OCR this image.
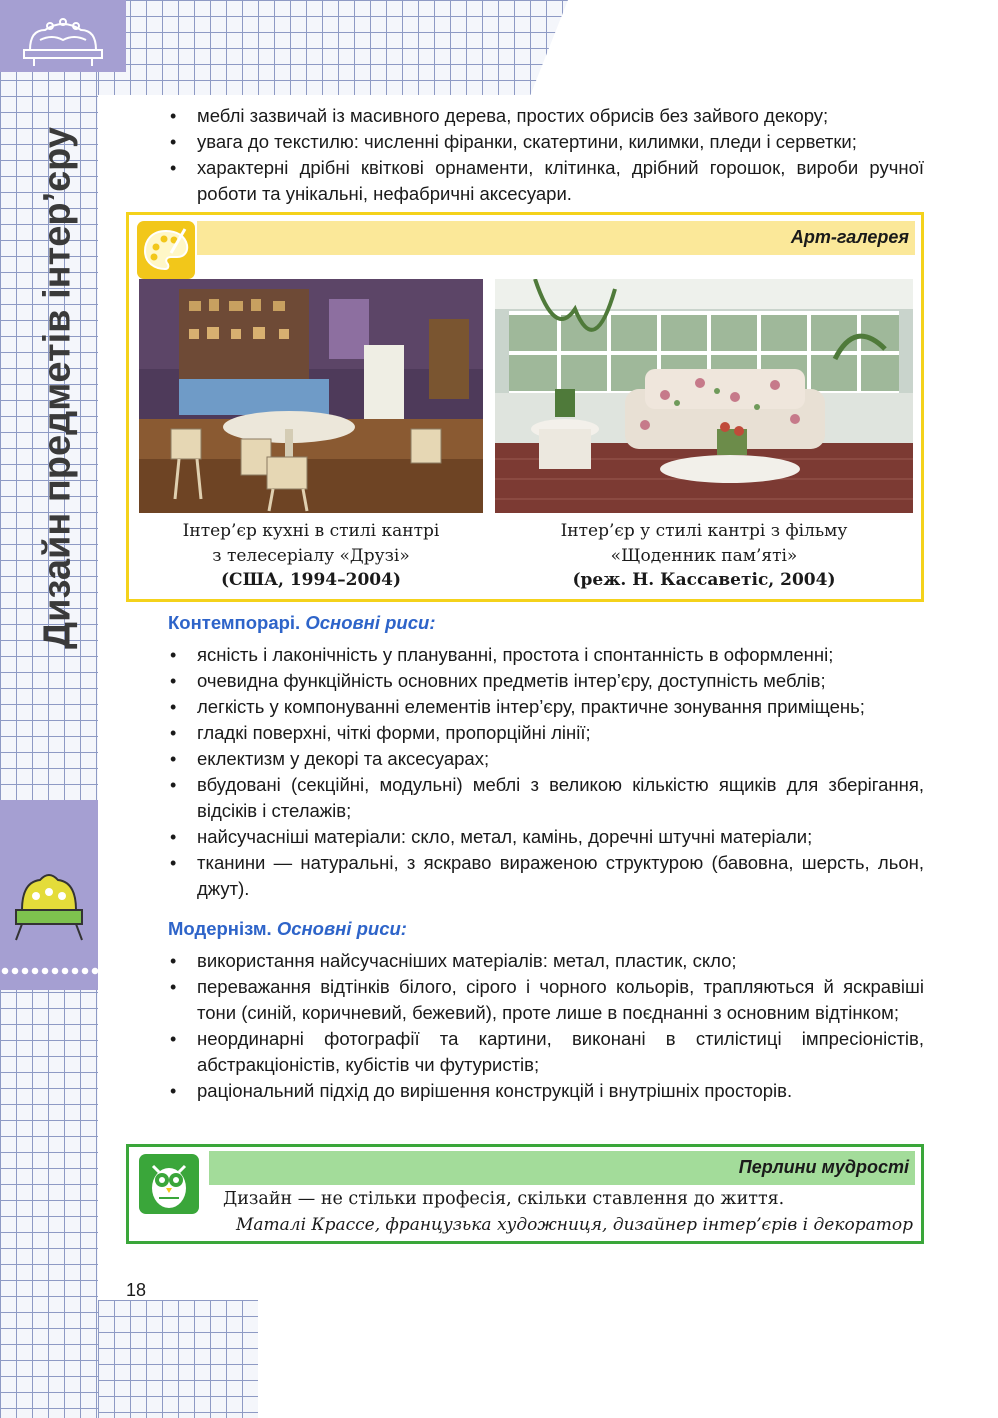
Дизайн предметів інтер’єру
• меблі зазвичай із масивного дерева, простих обрисів без зайвого декору;
• увага до текстилю: численні фіранки, скатертини, килимки, пледи і серветки;
• характерні дрібні квіткові орнаменти, клітинка, дрібний горошок, вироби ручної роботи та унікальні, нефабричні аксесуари.
Арт-галерея
Інтер’єр кухні в стилі кантрі
з телесеріалу «Друзі»
(США, 1994–2004)
Інтер’єр у стилі кантрі з фільму
«Щоденник пам’яті»
(реж. Н. Кассаветіс, 2004)
Контемпорарі. Основні риси:
• ясність і лаконічність у плануванні, простота і спонтанність в оформленні;
• очевидна функційність основних предметів інтер’єру, доступність меблів;
• легкість у компонуванні елементів інтер’єру, практичне зонування приміщень;
• гладкі поверхні, чіткі форми, пропорційні лінії;
• еклектизм у декорі та аксесуарах;
• вбудовані (секційні, модульні) меблі з великою кількістю ящиків для зберігання, відсіків і стелажів;
• найсучасніші матеріали: скло, метал, камінь, доречні штучні матеріали;
• тканини — натуральні, з яскраво вираженою структурою (бавовна, шерсть, льон, джут).
Модернізм. Основні риси:
• використання найсучасніших матеріалів: метал, пластик, скло;
• переважання відтінків білого, сірого і чорного кольорів, трапляються й яскравіші тони (синій, коричневий, бежевий), проте лише в поєднанні з основним відтінком;
• неординарні фотографії та картини, виконані в стилістиці імпресіоністів, абстракціоністів, кубістів чи футуристів;
• раціональний підхід до вирішення конструкцій і внутрішніх просторів.
Перлини мудрості
Дизайн — не стільки професія, скільки ставлення до життя.
Маталі Крассе, французька художниця, дизайнер інтер’єрів і декоратор
18
